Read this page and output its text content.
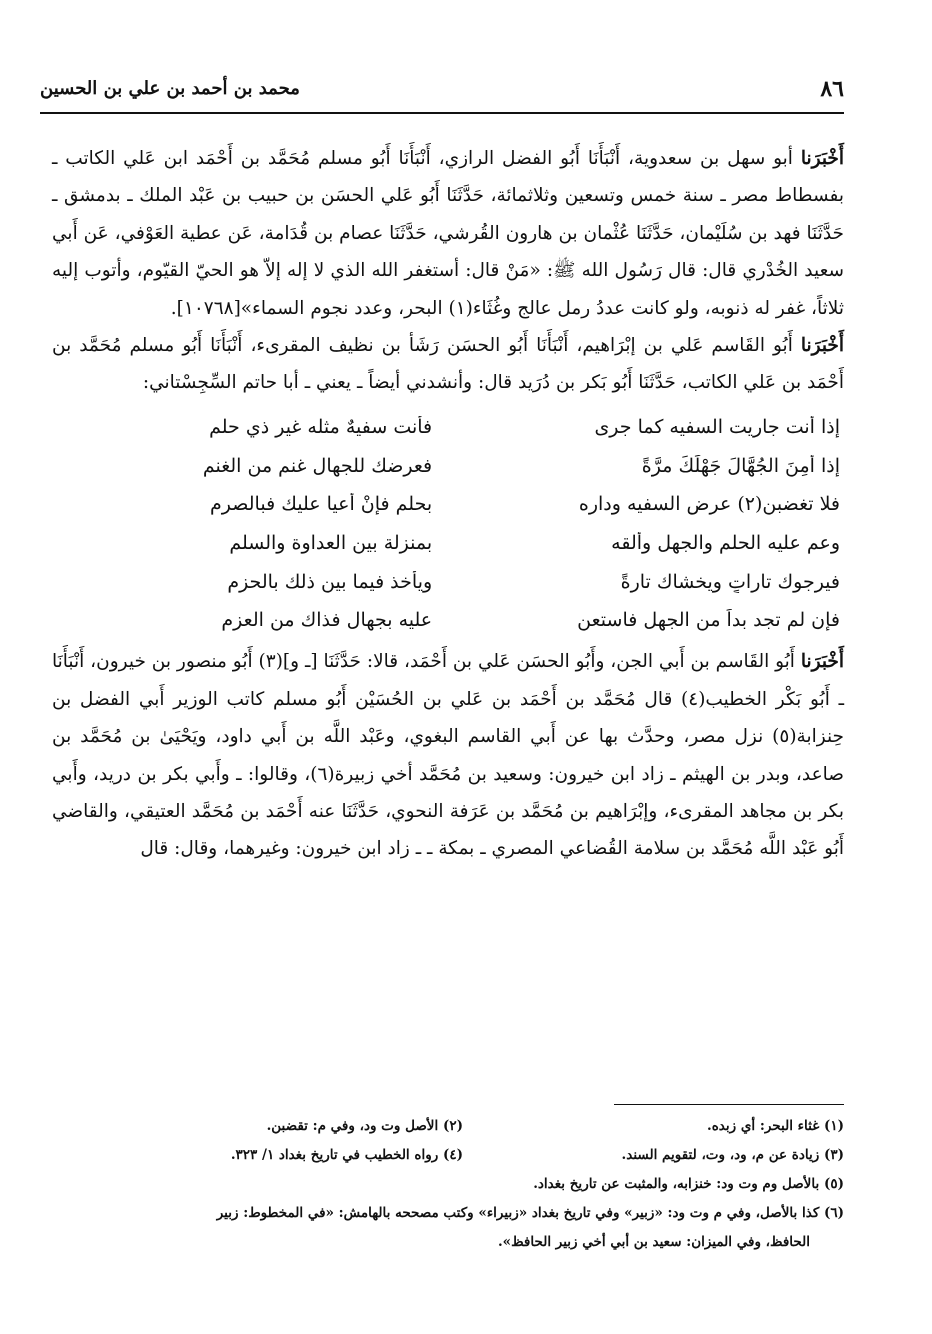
٨٦
محمد بن أحمد بن علي بن الحسين

أَخْبَرَنا أبو سهل بن سعدوية، أَنْبَأَنَا أَبُو الفضل الرازي، أَنْبَأَنَا أَبُو مسلم مُحَمَّد بن أَحْمَد ابن عَلي الكاتب ـ بفسطاط مصر ـ سنة خمس وتسعين وثلاثمائة، حَدَّثَنَا أَبُو عَلي الحسَن بن حبيب بن عَبْد الملك ـ بدمشق ـ حَدَّثَنَا فهد بن سُلَيْمان، حَدَّثَنَا عُثْمان بن هارون القُرشي، حَدَّثَنَا عصام بن قُدَامة، عَن عطية العَوْفي، عَن أَبي سعيد الخُدْري قال: قال رَسُول الله ﷺ: «مَنْ قال: أستغفر الله الذي لا إله إلاّ هو الحيّ القيّوم، وأتوب إليه ثلاثاً، غفر له ذنوبه، ولو كانت عددُ رمل عالج وغُثَاء(١) البحر، وعدد نجوم السماء»[١٠٧٦٨].

أَخْبَرَنا أَبُو القَاسم عَلي بن إبْرَاهيم، أَنْبَأَنَا أَبُو الحسَن رَشَأ بن نظيف المقرىء، أَنْبَأَنَا أَبُو مسلم مُحَمَّد بن أَحْمَد بن عَلي الكاتب، حَدَّثَنَا أَبُو بَكر بن دُرَيد قال: وأنشدني أيضاً ـ يعني ـ أبا حاتم السِّجِسْتاني:

إذا أنت جاريت السفيه كما جرى
فأنت سفيهٌ مثله غير ذي حلم
إذا أَمِنَ الجُهَّالَ جَهْلَكَ مرَّةً
فعرضك للجهال غنم من الغنم
فلا تغضبن(٢) عرض السفيه وداره
بحلم فإنْ أعيا عليك فبالصرم
وعم عليه الحلم والجهل وألقه
بمنزلة بين العداوة والسلم
فيرجوك تاراتٍ ويخشاك تارةً
ويأخذ فيما بين ذلك بالحزم
فإن لم تجد بداً من الجهل فاستعن
عليه بجهال فذاك من العزم

أَخْبَرَنا أَبُو القَاسم بن أَبي الجن، وأَبُو الحسَن عَلي بن أَحْمَد، قالا: حَدَّثَنَا [ـ و](٣) أَبُو منصور بن خيرون، أَنْبَأَنَا ـ أَبُو بَكْر الخطيب(٤) قال مُحَمَّد بن أَحْمَد بن عَلي بن الحُسَيْن أَبُو مسلم كاتب الوزير أَبي الفضل بن حِنزابة(٥) نزل مصر، وحدَّث بها عن أَبي القاسم البغوي، وعَبْد اللَّه بن أَبي داود، ويَحْيَىٰ بن مُحَمَّد بن صاعد، وبدر بن الهيثم ـ زاد ابن خيرون: وسعيد بن مُحَمَّد أخي زبيرة(٦)، وقالوا: ـ وأَبي بكر بن دريد، وأَبي بكر بن مجاهد المقرىء، وإبْرَاهيم بن مُحَمَّد بن عَرَفة النحوي، حَدَّثَنَا عنه أَحْمَد بن مُحَمَّد العتيقي، والقاضي أَبُو عَبْد اللَّه مُحَمَّد بن سلامة القُضاعي المصري ـ بمكة ـ ـ زاد ابن خيرون: وغيرهما، وقال: قال

(١) غثاء البحر: أي زبده.
(٢) الأصل وت ود، وفي م: تقضبن.
(٣) زيادة عن م، ود، وت، لتقويم السند.
(٤) رواه الخطيب في تاريخ بغداد ١/ ٣٢٣.
(٥) بالأصل وم وت ود: خنزابه، والمثبت عن تاريخ بغداد.
(٦) كذا بالأصل، وفي م وت ود: «زبير» وفي تاريخ بغداد «زبيراء» وكتب مصححه بالهامش: «في المخطوط: زبير
الحافظ، وفي الميزان: سعيد بن أبي أخي زبير الحافظ».
